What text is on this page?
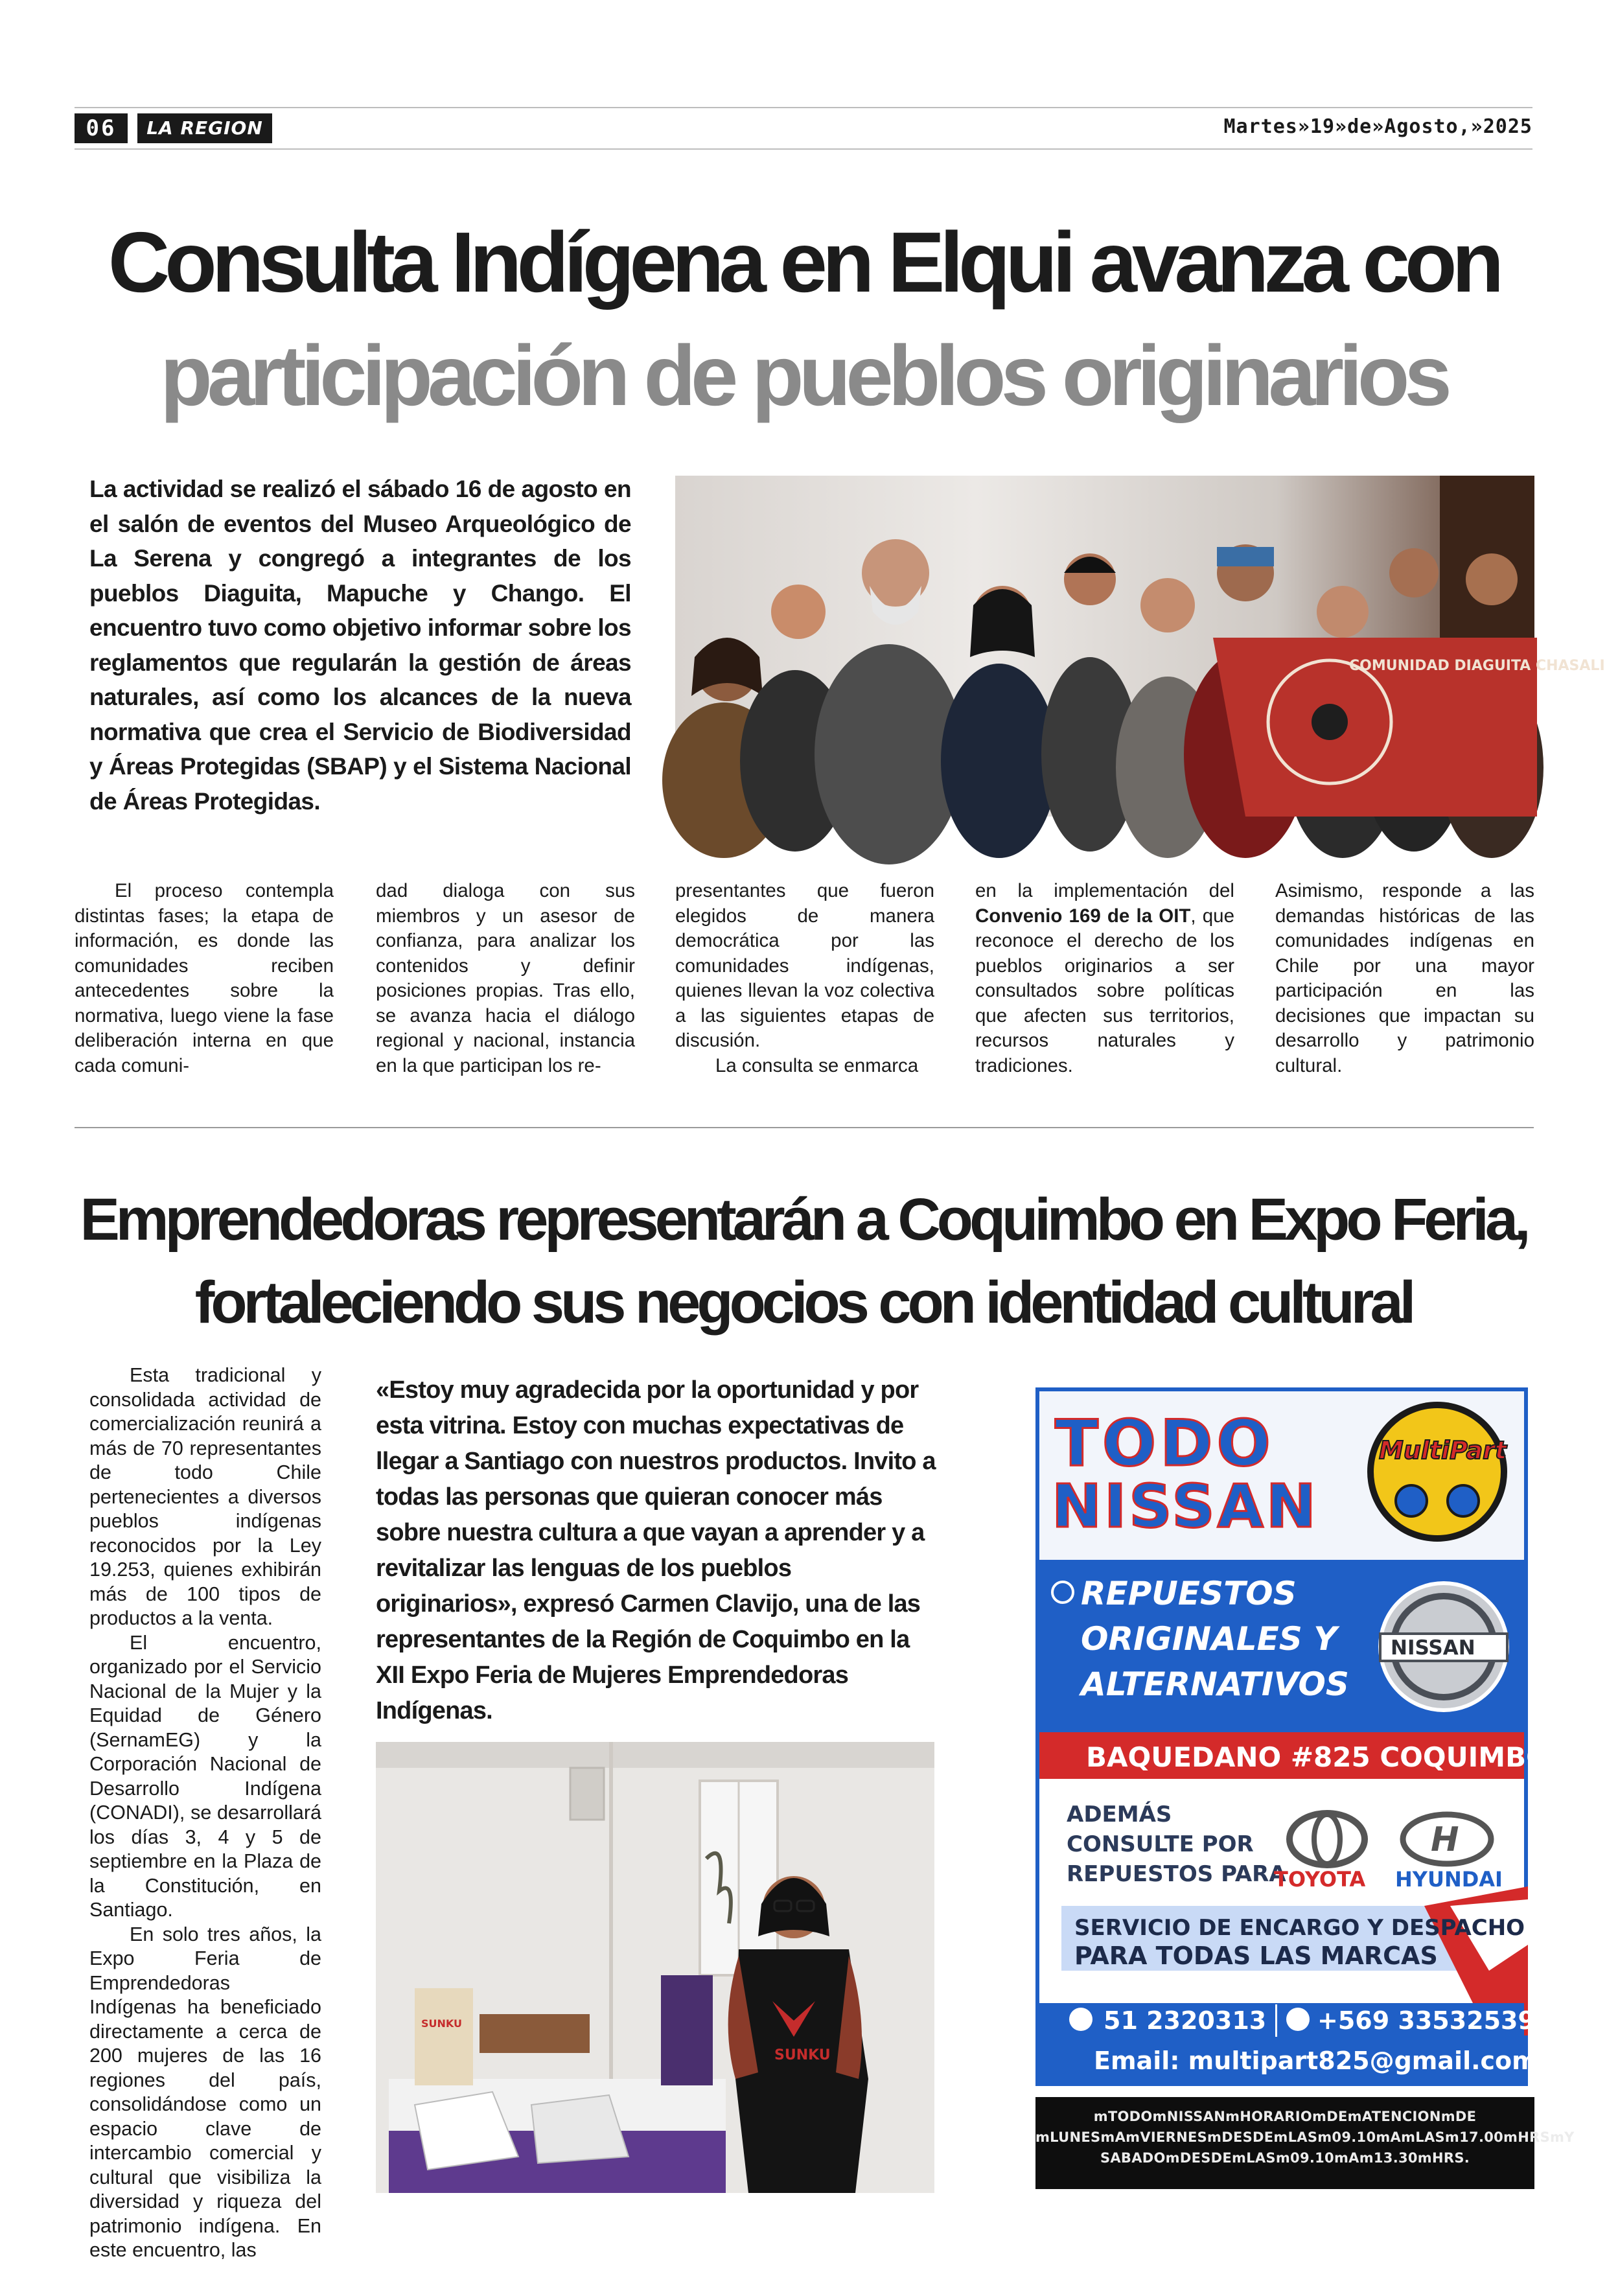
06	LA REGION	Martes»19»de»Agosto,»2025
Consulta Indígena en Elqui avanza con
participación de pueblos originarios
La actividad se realizó el sábado 16 de agosto en el salón de eventos del Museo Arqueológico de La Serena y congregó a integrantes de los pueblos Diaguita, Mapuche y Chango. El encuentro tuvo como objetivo informar sobre los reglamentos que regularán la gestión de áreas naturales, así como los alcances de la nueva normativa que crea el Servicio de Biodiversidad y Áreas Protegidas (SBAP) y el Sistema Nacional de Áreas Protegidas.
COMUNIDAD DIAGUITA CHASALI

El proceso contempla distintas fases; la etapa de información, es donde las comunidades reciben antecedentes sobre la normativa, luego viene la fase deliberación interna en que cada comuni-

dad dialoga con sus miembros y un asesor de confianza, para analizar los contenidos y definir posiciones propias. Tras ello, se avanza hacia el diálogo regional y nacional, instancia en la que participan los re-

presentantes que fueron elegidos de manera democrática por las comunidades indígenas, quienes llevan la voz colectiva a las siguientes etapas de discusión.

La consulta se enmarca

en la implementación del Convenio 169 de la OIT, que reconoce el derecho de los pueblos originarios a ser consultados sobre políticas que afecten sus territorios, recursos naturales y tradiciones.

Asimismo, responde a las demandas históricas de las comunidades indígenas en Chile por una mayor participación en las decisiones que impactan su desarrollo y patrimonio cultural.

Emprendedoras representarán a Coquimbo en Expo Feria,
fortaleciendo sus negocios con identidad cultural

Esta tradicional y consolidada actividad de comercialización reunirá a más de 70 representantes de todo Chile pertenecientes a diversos pueblos indígenas reconocidos por la Ley 19.253, quienes exhibirán más de 100 tipos de productos a la venta.

El encuentro, organizado por el Servicio Nacional de la Mujer y la Equidad de Género (SernamEG) y la Corporación Nacional de Desarrollo Indígena (CONADI), se desarrollará los días 3, 4 y 5 de septiembre en la Plaza de la Constitución, en Santiago.

En solo tres años, la Expo Feria de Emprendedoras Indígenas ha beneficiado directamente a cerca de 200 mujeres de las 16 regiones del país, consolidándose como un espacio clave de intercambio comercial y cultural que visibiliza la diversidad y riqueza del patrimonio indígena. En este encuentro, las

«Estoy muy agradecida por la oportunidad y por esta vitrina. Estoy con muchas expectativas de llegar a Santiago con nuestros productos. Invito a todas las personas que quieran conocer más sobre nuestra cultura a que vayan a aprender y a revitalizar las lenguas de los pueblos originarios», expresó Carmen Clavijo, una de las representantes de la Región de Coquimbo en la XII Expo Feria de Mujeres Emprendedoras Indígenas.
SUNKU
SUNKU
TODO
NISSAN
MultiPart
REPUESTOS
ORIGINALES Y
ALTERNATIVOS
NISSAN
BAQUEDANO #825 COQUIMBO
ADEMÁS
CONSULTE POR
REPUESTOS PARA
TOYOTA
H
HYUNDAI
SERVICIO DE ENCARGO Y DESPACHO
PARA TODAS LAS MARCAS
51 2320313 +569 33532539
Email: multipart825@gmail.com
mTODOmNISSANmHORARIOmDEmATENCIONmDE
mLUNESmAmVIERNESmDESDEmLASm09.10mAmLASm17.00mHRSmY
SABADOmDESDEmLASm09.10mAm13.30mHRS.
